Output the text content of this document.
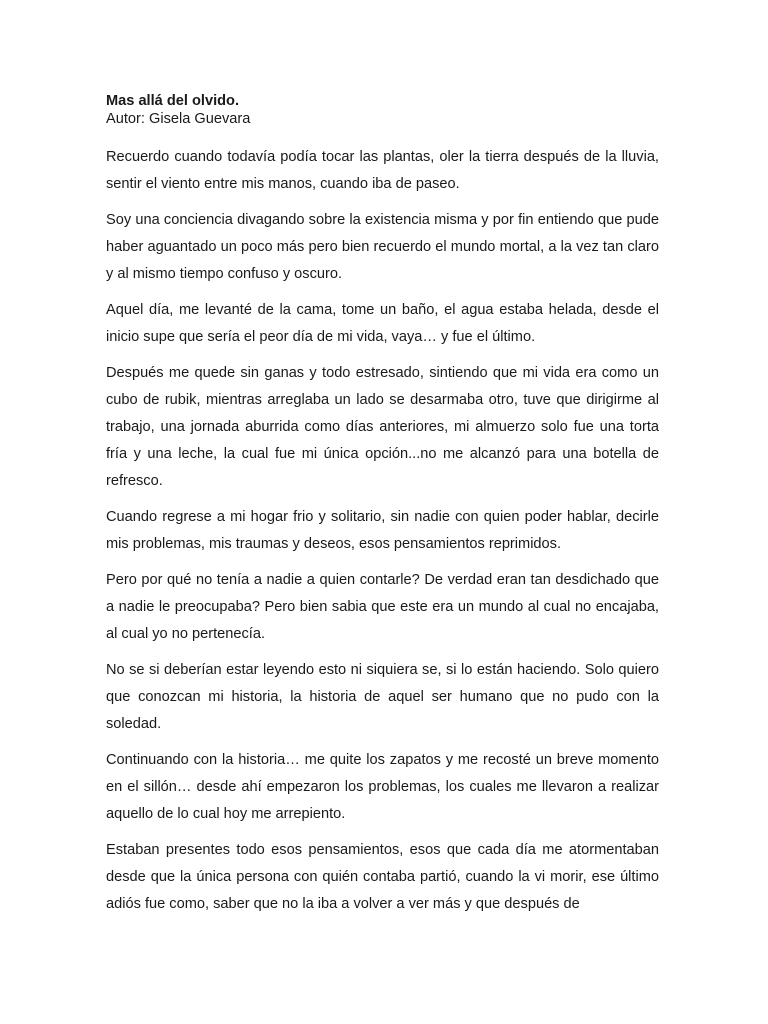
Mas allá del olvido.

Autor: Gisela Guevara

Recuerdo cuando todavía podía tocar las plantas, oler la tierra después de la lluvia, sentir el viento entre mis manos, cuando iba de paseo.

Soy una conciencia divagando sobre la existencia misma y por fin entiendo que pude haber aguantado un poco más pero bien recuerdo el mundo mortal, a la vez tan claro y al mismo tiempo confuso y oscuro.

Aquel día, me levanté de la cama, tome un baño, el agua estaba helada, desde el inicio supe que sería el peor día de mi vida, vaya… y fue el último.

Después me quede sin ganas y todo estresado, sintiendo que mi vida era como un cubo de rubik, mientras arreglaba un lado se desarmaba otro, tuve que dirigirme al trabajo, una jornada aburrida como días anteriores, mi almuerzo solo fue una torta fría y una leche, la cual fue mi única opción...no me alcanzó para una botella de refresco.

Cuando regrese a mi hogar frio y solitario, sin nadie con quien poder hablar, decirle mis problemas, mis traumas y deseos, esos pensamientos reprimidos.

Pero por qué no tenía a nadie a quien contarle? De verdad eran tan desdichado que a nadie le preocupaba? Pero bien sabia que este era un mundo al cual no encajaba, al cual yo no pertenecía.

No se si deberían estar leyendo esto ni siquiera se, si lo están haciendo. Solo quiero que conozcan mi historia, la historia de aquel ser humano que no pudo con la soledad.

Continuando con la historia… me quite los zapatos y me recosté un breve momento en el sillón… desde ahí empezaron los problemas, los cuales me llevaron a realizar aquello de lo cual hoy me arrepiento.

Estaban presentes todo esos pensamientos, esos que cada día me atormentaban desde que la única persona con quién contaba partió, cuando la vi morir, ese último adiós fue como, saber que no la iba a volver a ver más y que después de
